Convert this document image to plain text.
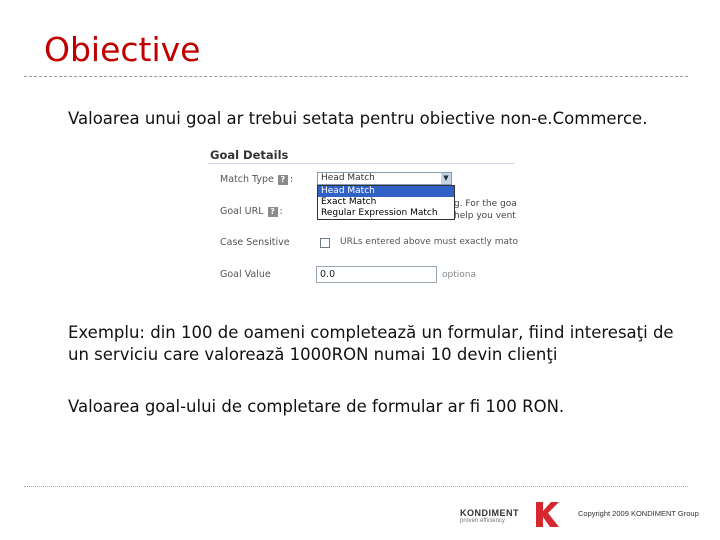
Obiective
Valoarea unui goal ar trebui setata pentru obiective non-e.Commerce.
Goal Details
Match Type ? :	Head Match	▼
Head Match
Exact Match
Regular Expression Match
Goal URL ? :
g. For the goa
help you vent
Case Sensitive	URLs entered above must exactly mato
Goal Value	0.0	optiona
Exemplu: din 100 de oameni completează un formular, fiind interesaţi de un serviciu care valorează 1000RON numai 10 devin clienţi
Valoarea goal-ului de completare de formular ar fi 100 RON.
KONDIMENT
proven efficiency
Copyright 2009 KONDIMENT Group
